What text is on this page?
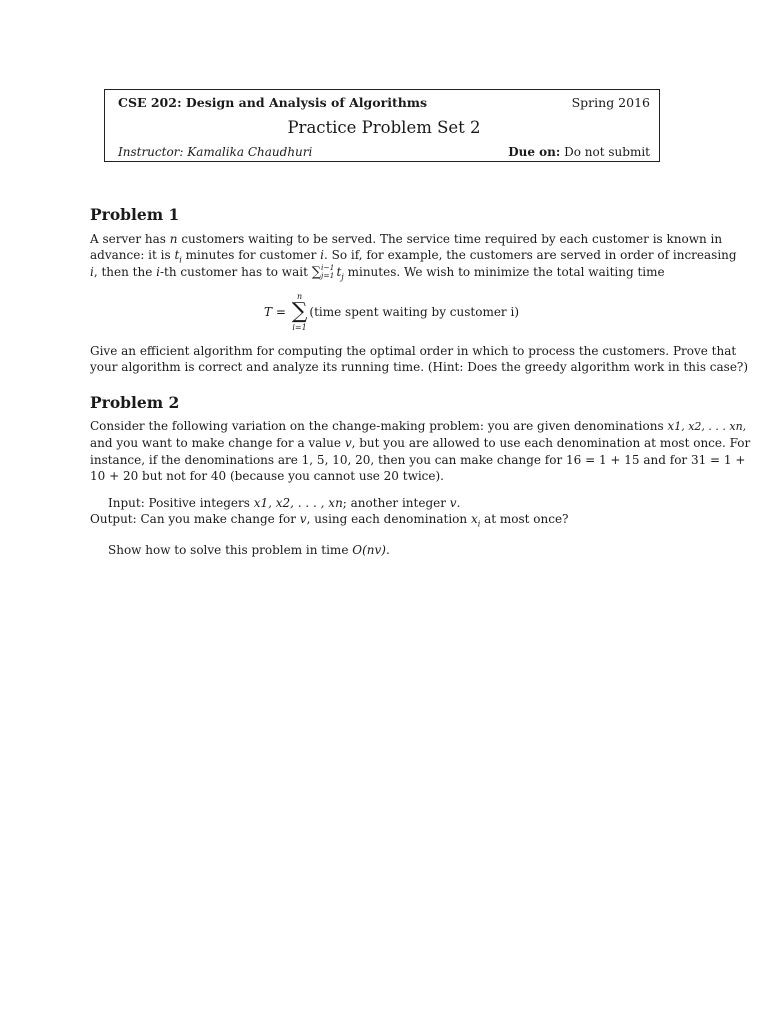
CSE 202: Design and Analysis of Algorithms	Spring 2016
Practice Problem Set 2
Instructor: Kamalika Chaudhuri	Due on: Do not submit
Problem 1
A server has n customers waiting to be served. The service time required by each customer is known in
advance: it is $t_i$ minutes for customer i. So if, for example, the customers are served in order of increasing
i, then the i-th customer has to wait ∑ i−1
j=1 $t_j$ minutes. We wish to minimize the total waiting time
T =
n
∑
i=1
(time spent waiting by customer i)
Give an efficient algorithm for computing the optimal order in which to process the customers. Prove that
your algorithm is correct and analyze its running time. (Hint: Does the greedy algorithm work in this case?)
Problem 2
Consider the following variation on the change-making problem: you are given denominations x1, x2, . . . xn,
and you want to make change for a value v, but you are allowed to use each denomination at most once. For
instance, if the denominations are 1, 5, 10, 20, then you can make change for 16 = 1 + 15 and for 31 = 1 +
10 + 20 but not for 40 (because you cannot use 20 twice).
Input: Positive integers x1, x2, . . . , xn; another integer v.
Output: Can you make change for v, using each denomination $x_i$ at most once?
Show how to solve this problem in time O(nv).
